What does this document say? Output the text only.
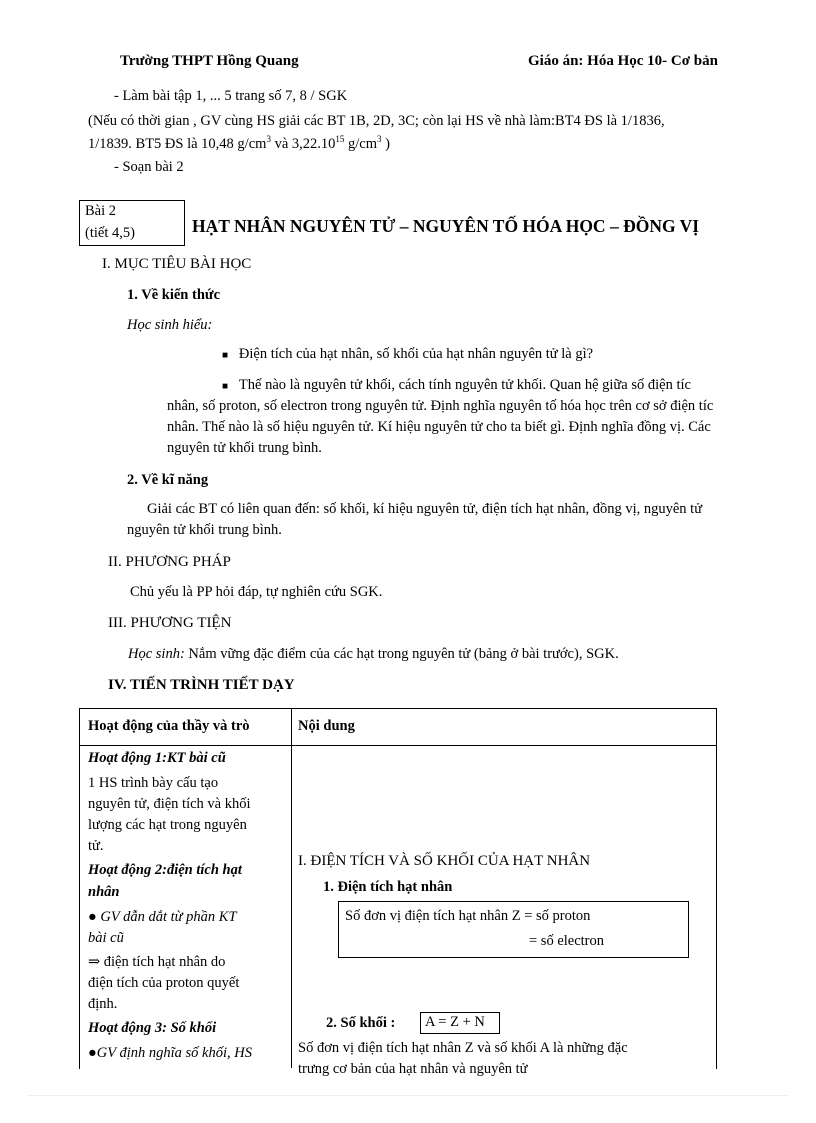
Trường THPT Hồng Quang	Giáo án: Hóa Học 10- Cơ bản
- Làm bài tập 1, ... 5 trang số 7, 8 / SGK
(Nếu có thời gian , GV cùng HS giải các BT 1B, 2D, 3C; còn lại HS về nhà làm:BT4 ĐS là 1/1836,
1/1839. BT5 ĐS là 10,48 $g/cm^3$ và 3,22.10$^{15}$ $g/cm^3$ )
- Soạn bài 2
Bài 2
(tiết 4,5)	HẠT NHÂN NGUYÊN TỬ – NGUYÊN TỐ HÓA HỌC – ĐỒNG VỊ
I. MỤC TIÊU BÀI HỌC
1. Về kiến thức
Học sinh hiểu:
■ Điện tích của hạt nhân, số khối của hạt nhân nguyên tử là gì?
■ Thế nào là nguyên tử khối, cách tính nguyên tử khối. Quan hệ giữa số điện tíc
nhân, số proton, số electron trong nguyên tử. Định nghĩa nguyên tố hóa học trên cơ sở điện tíc
nhân. Thế nào là số hiệu nguyên tử. Kí hiệu nguyên tử cho ta biết gì. Định nghĩa đồng vị. Các
nguyên tử khối trung bình.
2. Về kĩ năng
Giải các BT có liên quan đến: số khối, kí hiệu nguyên tử, điện tích hạt nhân, đồng vị, nguyên tử
nguyên tử khối trung bình.
II. PHƯƠNG PHÁP
Chủ yếu là PP hỏi đáp, tự nghiên cứu SGK.
III. PHƯƠNG TIỆN
Học sinh: Nắm vững đặc điểm của các hạt trong nguyên tử (bảng ở bài trước), SGK.
IV. TIẾN TRÌNH TIẾT DẠY
Hoạt động của thầy và trò	Nội dung
Hoạt động 1:KT bài cũ
1 HS trình bày cấu tạo
nguyên tử, điện tích và khối
lượng các hạt trong nguyên
tử.
Hoạt động 2:điện tích hạt
nhân
● GV dẫn dắt từ phần KT
bài cũ
⇒ điện tích hạt nhân do
điện tích của proton quyết
định.
Hoạt động 3: Số khối
●GV định nghĩa số khối, HS
I. ĐIỆN TÍCH VÀ SỐ KHỐI CỦA HẠT NHÂN
1. Điện tích hạt nhân
Số đơn vị điện tích hạt nhân Z = số proton
= số electron
2. Số khối : A = Z + N
Số đơn vị điện tích hạt nhân Z và số khối A là những đặc
trưng cơ bản của hạt nhân và nguyên tử
